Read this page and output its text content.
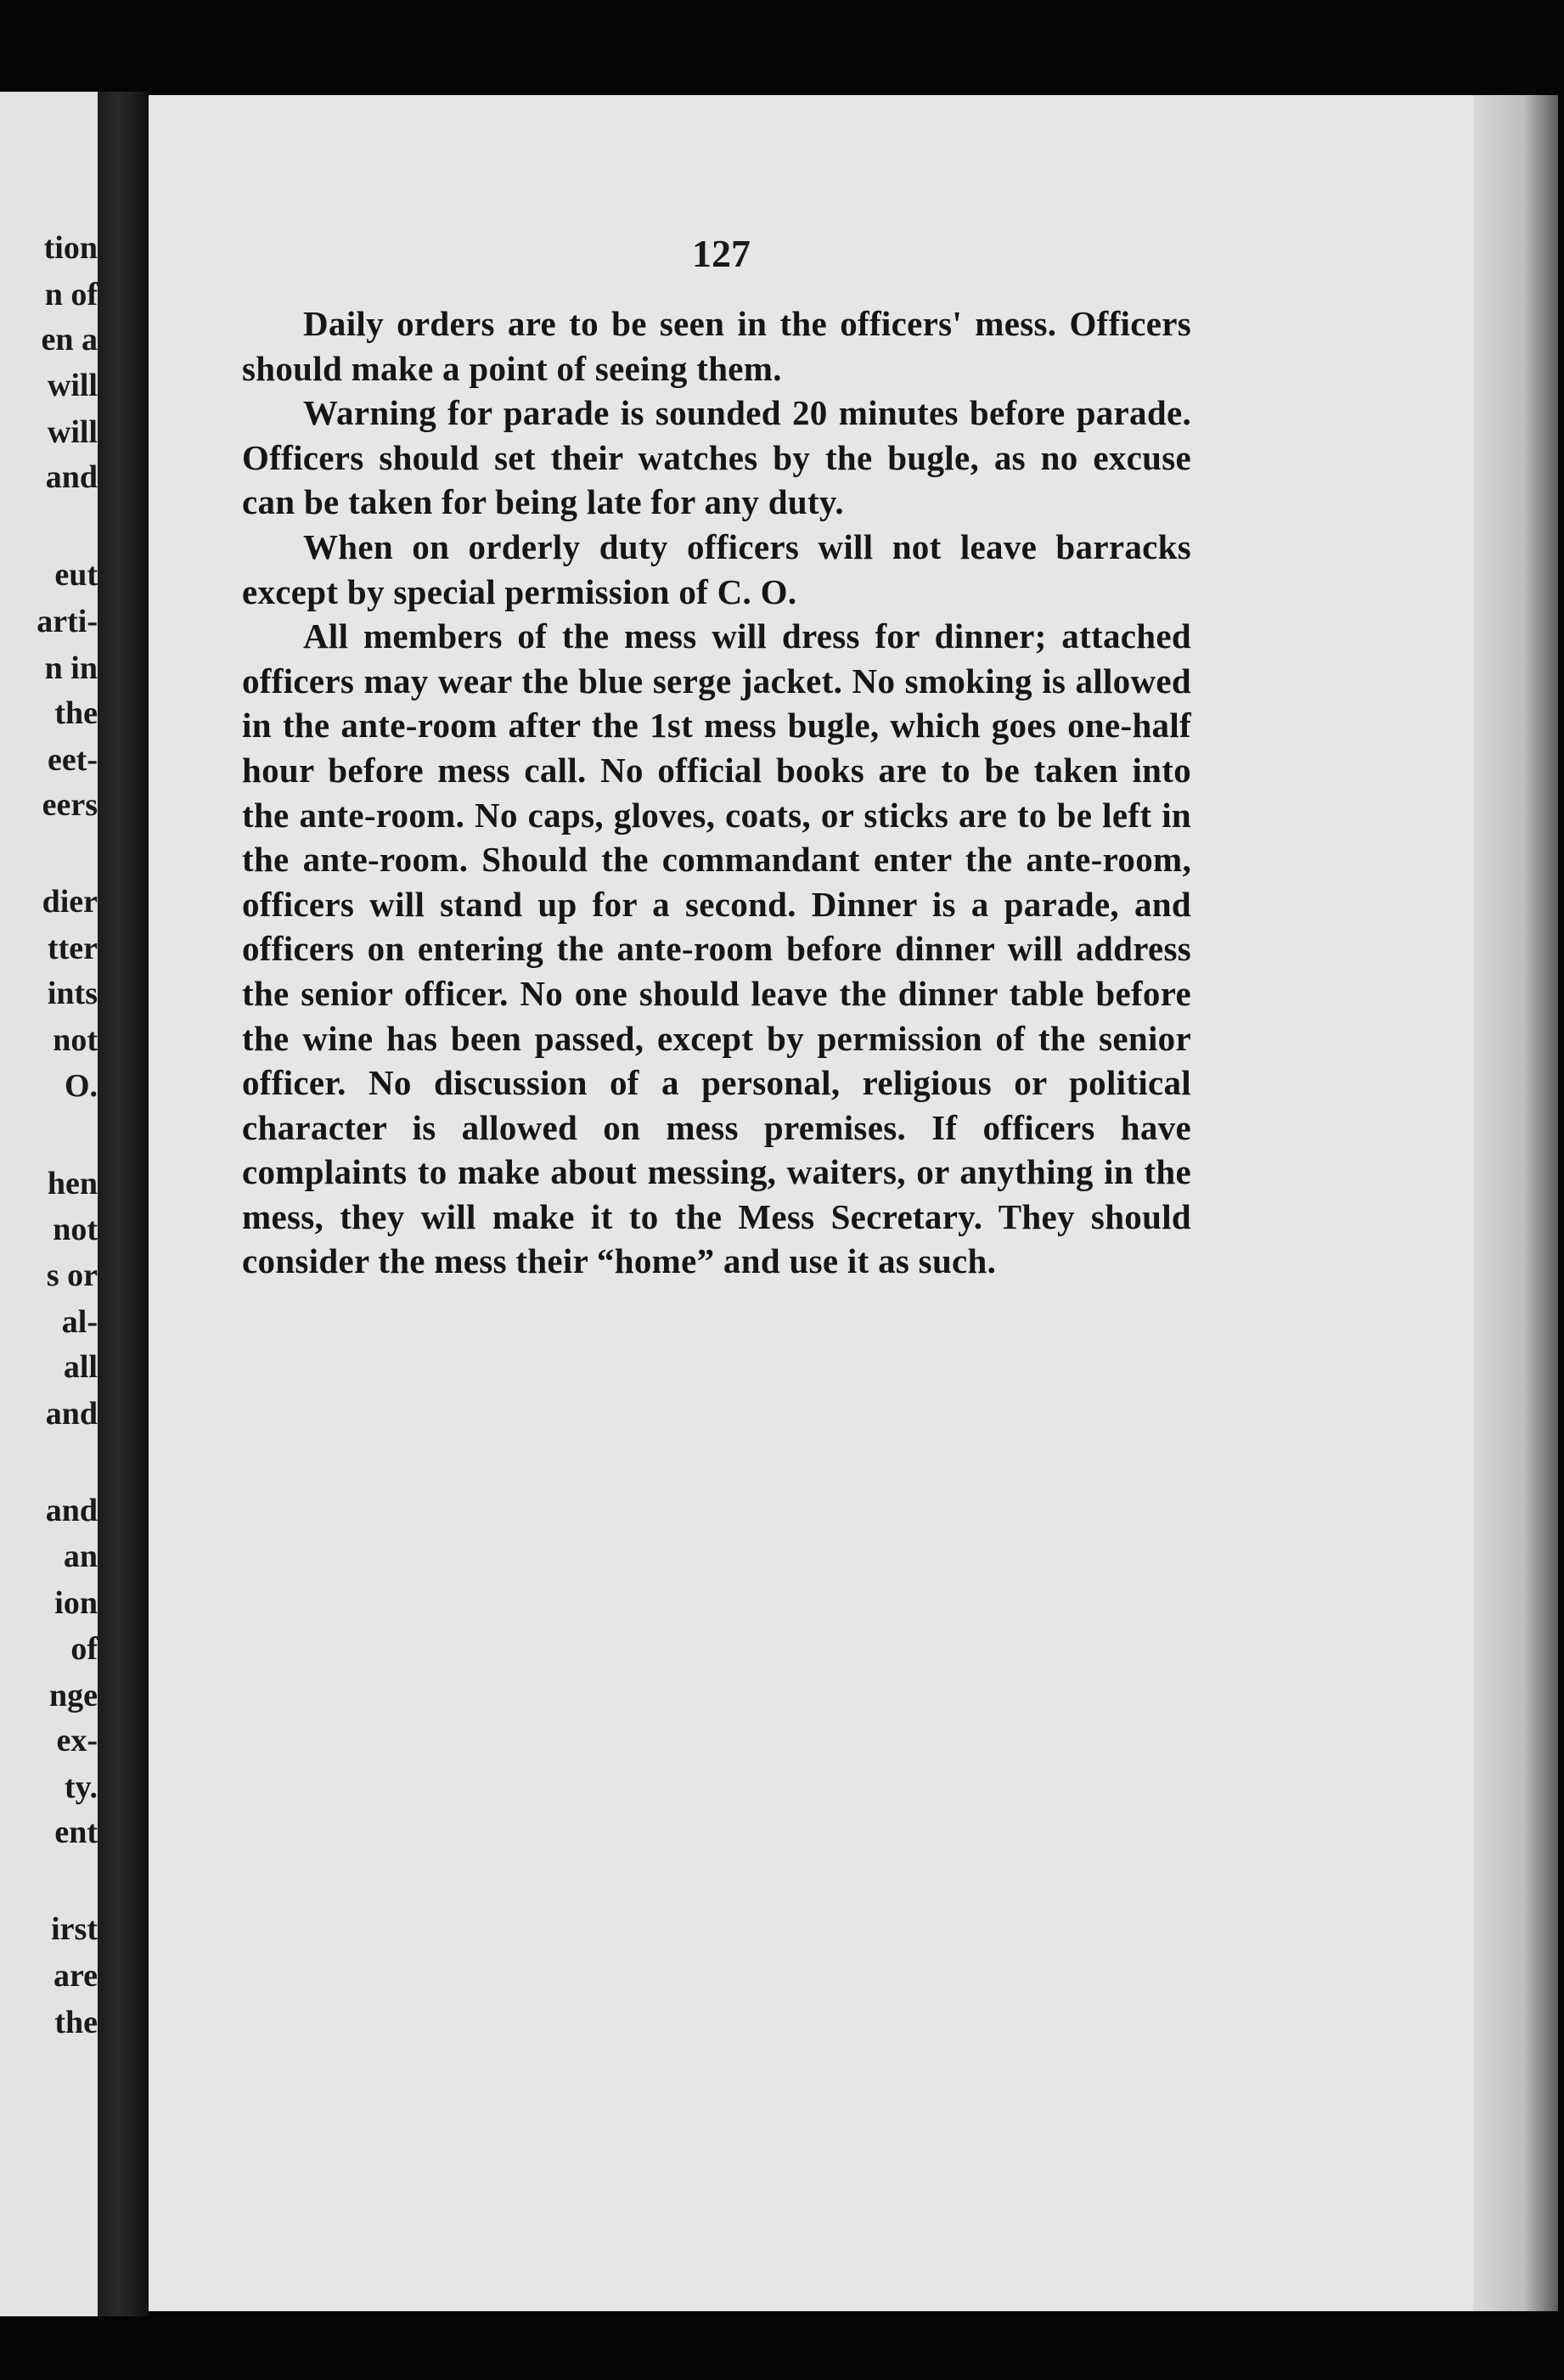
tion
n of
en a
will
will
and
eut
arti-
n in
the
eet-
eers
dier
tter
ints
not
O.
hen
not
s or
al-
all
and
and
an
ion
of
nge
ex-
ty.
ent
irst
are
the
127

Daily orders are to be seen in the officers' mess. Officers should make a point of seeing them.

Warning for parade is sounded 20 minutes before parade. Officers should set their watches by the bugle, as no excuse can be taken for being late for any duty.

When on orderly duty officers will not leave barracks except by special permission of C. O.

All members of the mess will dress for dinner; attached officers may wear the blue serge jacket. No smoking is allowed in the ante-room after the 1st mess bugle, which goes one-half hour before mess call. No official books are to be taken into the ante-room. No caps, gloves, coats, or sticks are to be left in the ante-room. Should the commandant enter the ante-room, officers will stand up for a second. Dinner is a parade, and officers on entering the ante-room before dinner will address the senior officer. No one should leave the dinner table before the wine has been passed, except by permission of the senior officer. No discussion of a personal, religious or political character is allowed on mess premises. If officers have complaints to make about messing, waiters, or anything in the mess, they will make it to the Mess Secretary. They should consider the mess their “home” and use it as such.
